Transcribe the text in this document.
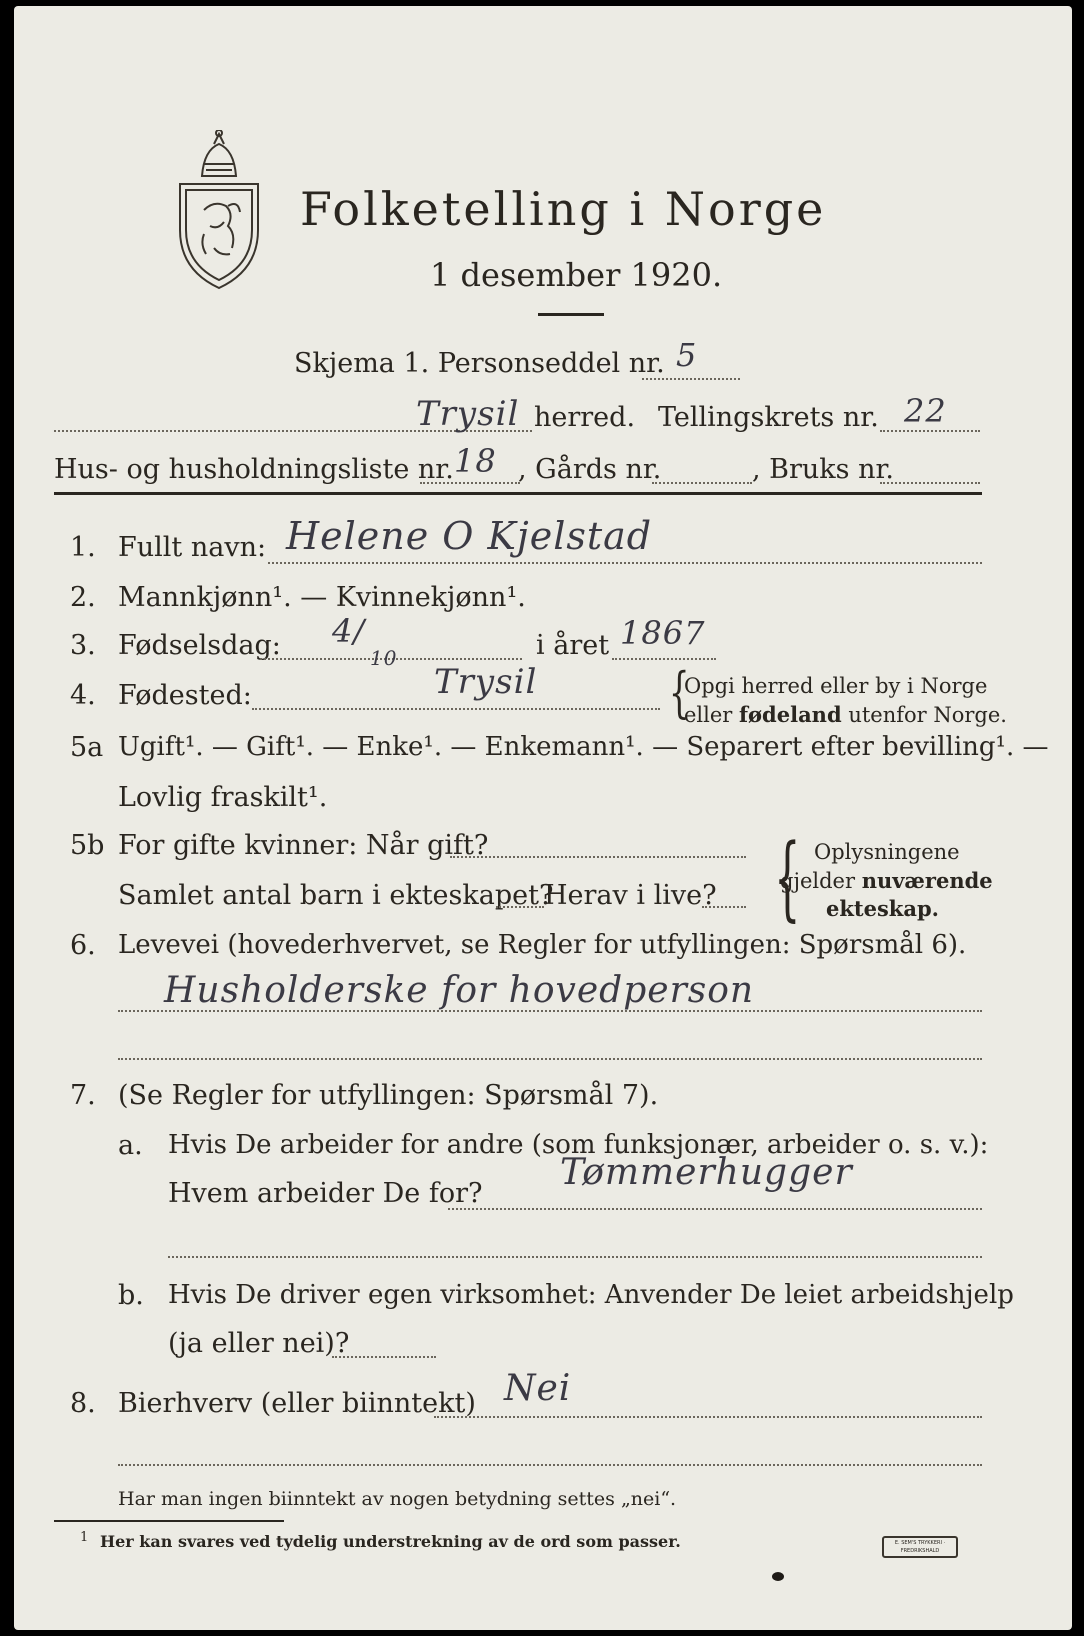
Folketelling i Norge
1 desember 1920.
Skjema 1. Personseddel nr. 5
Trysil herred. Tellingskrets nr. 22
Hus- og husholdningsliste nr. 18 , Gårds nr.	, Bruks nr.
1. Fullt navn: Helene O Kjelstad
2. Mannkjønn¹. — Kvinnekjønn¹.
3. Fødselsdag: 4/
10	i året 1867
4. Fødested:	Trysil {
Opgi herred eller by i Norge
eller fødeland utenfor Norge.
5a Ugift¹. — Gift¹. — Enke¹. — Enkemann¹. — Separert efter bevilling¹. —
Lovlig fraskilt¹.
5b For gifte kvinner: Når gift?
Samlet antal barn i ekteskapet?
Herav i live? { Oplysningene
gjelder nuværende
ekteskap.
6. Levevei (hovederhvervet, se Regler for utfyllingen: Spørsmål 6).
Husholderske for hovedperson
7. (Se Regler for utfyllingen: Spørsmål 7).
a. Hvis De arbeider for andre (som funksjonær, arbeider o. s. v.):
Hvem arbeider De for?
Tømmerhugger
b. Hvis De driver egen virksomhet: Anvender De leiet arbeidshjelp
(ja eller nei)?
8. Bierhverv (eller biinntekt) Nei
Har man ingen biinntekt av nogen betydning settes „nei“.
1 Her kan svares ved tydelig understrekning av de ord som passer.	E. SEM'S TRYKKERI · FREDRIKSHALD
